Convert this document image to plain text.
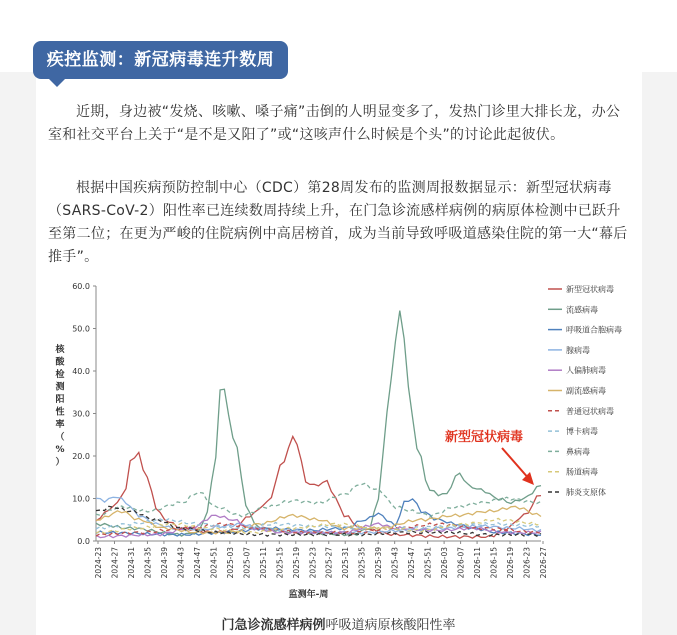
疾控监测：新冠病毒连升数周
近期，身边被“发烧、咳嗽、嗓子痛”击倒的人明显变多了，发热门诊里大排长龙，办公室和社交平台上关于“是不是又阳了”或“这咳声什么时候是个头”的讨论此起彼伏。
根据中国疾病预防控制中心（CDC）第28周发布的监测周报数据显示：新型冠状病毒（SARS-CoV-2）阳性率已连续数周持续上升，在门急诊流感样病例的病原体检测中已跃升至第二位；在更为严峻的住院病例中高居榜首，成为当前导致呼吸道感染住院的第一大“幕后推手”。
0.0
10.0
20.0
30.0
40.0
50.0
60.0
核
酸
检
测
阳
性
率
（
%
）
2024-23 2024-27 2024-31 2024-35 2024-39 2024-43 2024-47 2024-51 2025-03 2025-07 2025-11 2025-15 2025-19 2025-23 2025-27 2025-31 2025-35 2025-39 2025-43 2025-47 2025-51 2026-03 2026-07 2026-11 2026-15 2026-19 2026-23 2026-27
监测年-周
新型冠状病毒
流感病毒
呼吸道合胞病毒
腺病毒
人偏肺病毒
副流感病毒
普通冠状病毒
博卡病毒
鼻病毒
肠道病毒
肺炎支原体
新型冠状病毒
门急诊流感样病例呼吸道病原核酸阳性率
